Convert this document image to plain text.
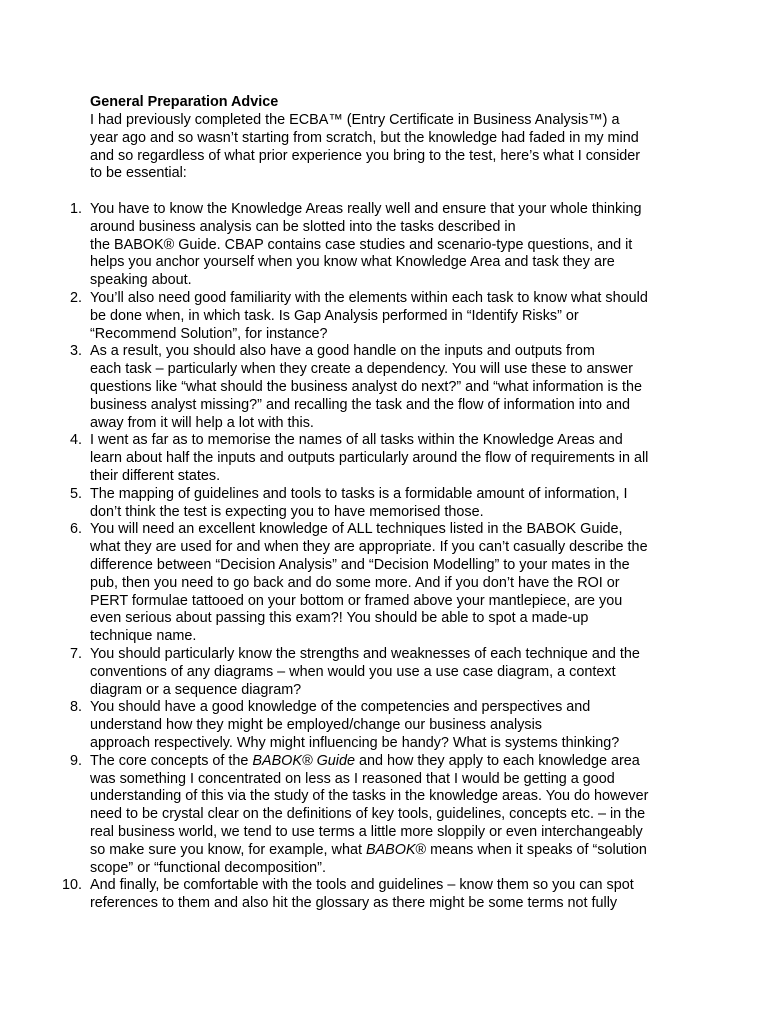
General Preparation Advice
I had previously completed the ECBA™ (Entry Certificate in Business Analysis™) a
year ago and so wasn’t starting from scratch, but the knowledge had faded in my mind
and so regardless of what prior experience you bring to the test, here’s what I consider
to be essential:
1. You have to know the Knowledge Areas really well and ensure that your whole thinking
around business analysis can be slotted into the tasks described in
the BABOK® Guide. CBAP contains case studies and scenario-type questions, and it
helps you anchor yourself when you know what Knowledge Area and task they are
speaking about.
2. You’ll also need good familiarity with the elements within each task to know what should
be done when, in which task. Is Gap Analysis performed in “Identify Risks” or
“Recommend Solution”, for instance?
3. As a result, you should also have a good handle on the inputs and outputs from
each task – particularly when they create a dependency. You will use these to answer
questions like “what should the business analyst do next?” and “what information is the
business analyst missing?” and recalling the task and the flow of information into and
away from it will help a lot with this.
4. I went as far as to memorise the names of all tasks within the Knowledge Areas and
learn about half the inputs and outputs particularly around the flow of requirements in all
their different states.
5. The mapping of guidelines and tools to tasks is a formidable amount of information, I
don’t think the test is expecting you to have memorised those.
6. You will need an excellent knowledge of ALL techniques listed in the BABOK Guide,
what they are used for and when they are appropriate. If you can’t casually describe the
difference between “Decision Analysis” and “Decision Modelling” to your mates in the
pub, then you need to go back and do some more. And if you don’t have the ROI or
PERT formulae tattooed on your bottom or framed above your mantlepiece, are you
even serious about passing this exam?! You should be able to spot a made-up
technique name.
7. You should particularly know the strengths and weaknesses of each technique and the
conventions of any diagrams – when would you use a use case diagram, a context
diagram or a sequence diagram?
8. You should have a good knowledge of the competencies and perspectives and
understand how they might be employed/change our business analysis
approach respectively. Why might influencing be handy? What is systems thinking?
9. The core concepts of the BABOK® Guide and how they apply to each knowledge area
was something I concentrated on less as I reasoned that I would be getting a good
understanding of this via the study of the tasks in the knowledge areas. You do however
need to be crystal clear on the definitions of key tools, guidelines, concepts etc. – in the
real business world, we tend to use terms a little more sloppily or even interchangeably
so make sure you know, for example, what BABOK® means when it speaks of “solution
scope” or “functional decomposition”.
10. And finally, be comfortable with the tools and guidelines – know them so you can spot
references to them and also hit the glossary as there might be some terms not fully
